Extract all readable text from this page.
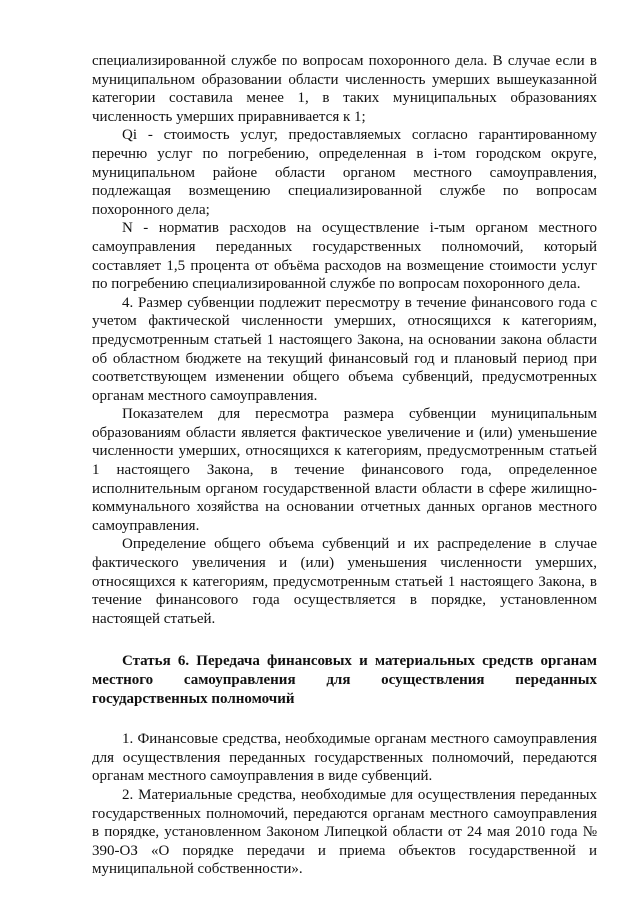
специализированной службе по вопросам похоронного дела. В случае если в муниципальном образовании области численность умерших вышеуказанной категории составила менее 1, в таких муниципальных образованиях численность умерших приравнивается к 1;

Qi - стоимость услуг, предоставляемых согласно гарантированному перечню услуг по погребению, определенная в i-том городском округе, муниципальном районе области органом местного самоуправления, подлежащая возмещению специализированной службе по вопросам похоронного дела;

N - норматив расходов на осуществление i-тым органом местного самоуправления переданных государственных полномочий, который составляет 1,5 процента от объёма расходов на возмещение стоимости услуг по погребению специализированной службе по вопросам похоронного дела.

4. Размер субвенции подлежит пересмотру в течение финансового года с учетом фактической численности умерших, относящихся к категориям, предусмотренным статьей 1 настоящего Закона, на основании закона области об областном бюджете на текущий финансовый год и плановый период при соответствующем изменении общего объема субвенций, предусмотренных органам местного самоуправления.

Показателем для пересмотра размера субвенции муниципальным образованиям области является фактическое увеличение и (или) уменьшение численности умерших, относящихся к категориям, предусмотренным статьей 1 настоящего Закона, в течение финансового года, определенное исполнительным органом государственной власти области в сфере жилищно-коммунального хозяйства на основании отчетных данных органов местного самоуправления.

Определение общего объема субвенций и их распределение в случае фактического увеличения и (или) уменьшения численности умерших, относящихся к категориям, предусмотренным статьей 1 настоящего Закона, в течение финансового года осуществляется в порядке, установленном настоящей статьей.

Статья 6. Передача финансовых и материальных средств органам местного самоуправления для осуществления переданных государственных полномочий

1. Финансовые средства, необходимые органам местного самоуправления для осуществления переданных государственных полномочий, передаются органам местного самоуправления в виде субвенций.

2. Материальные средства, необходимые для осуществления переданных государственных полномочий, передаются органам местного самоуправления в порядке, установленном Законом Липецкой области от 24 мая 2010 года № 390-ОЗ «О порядке передачи и приема объектов государственной и муниципальной собственности».
